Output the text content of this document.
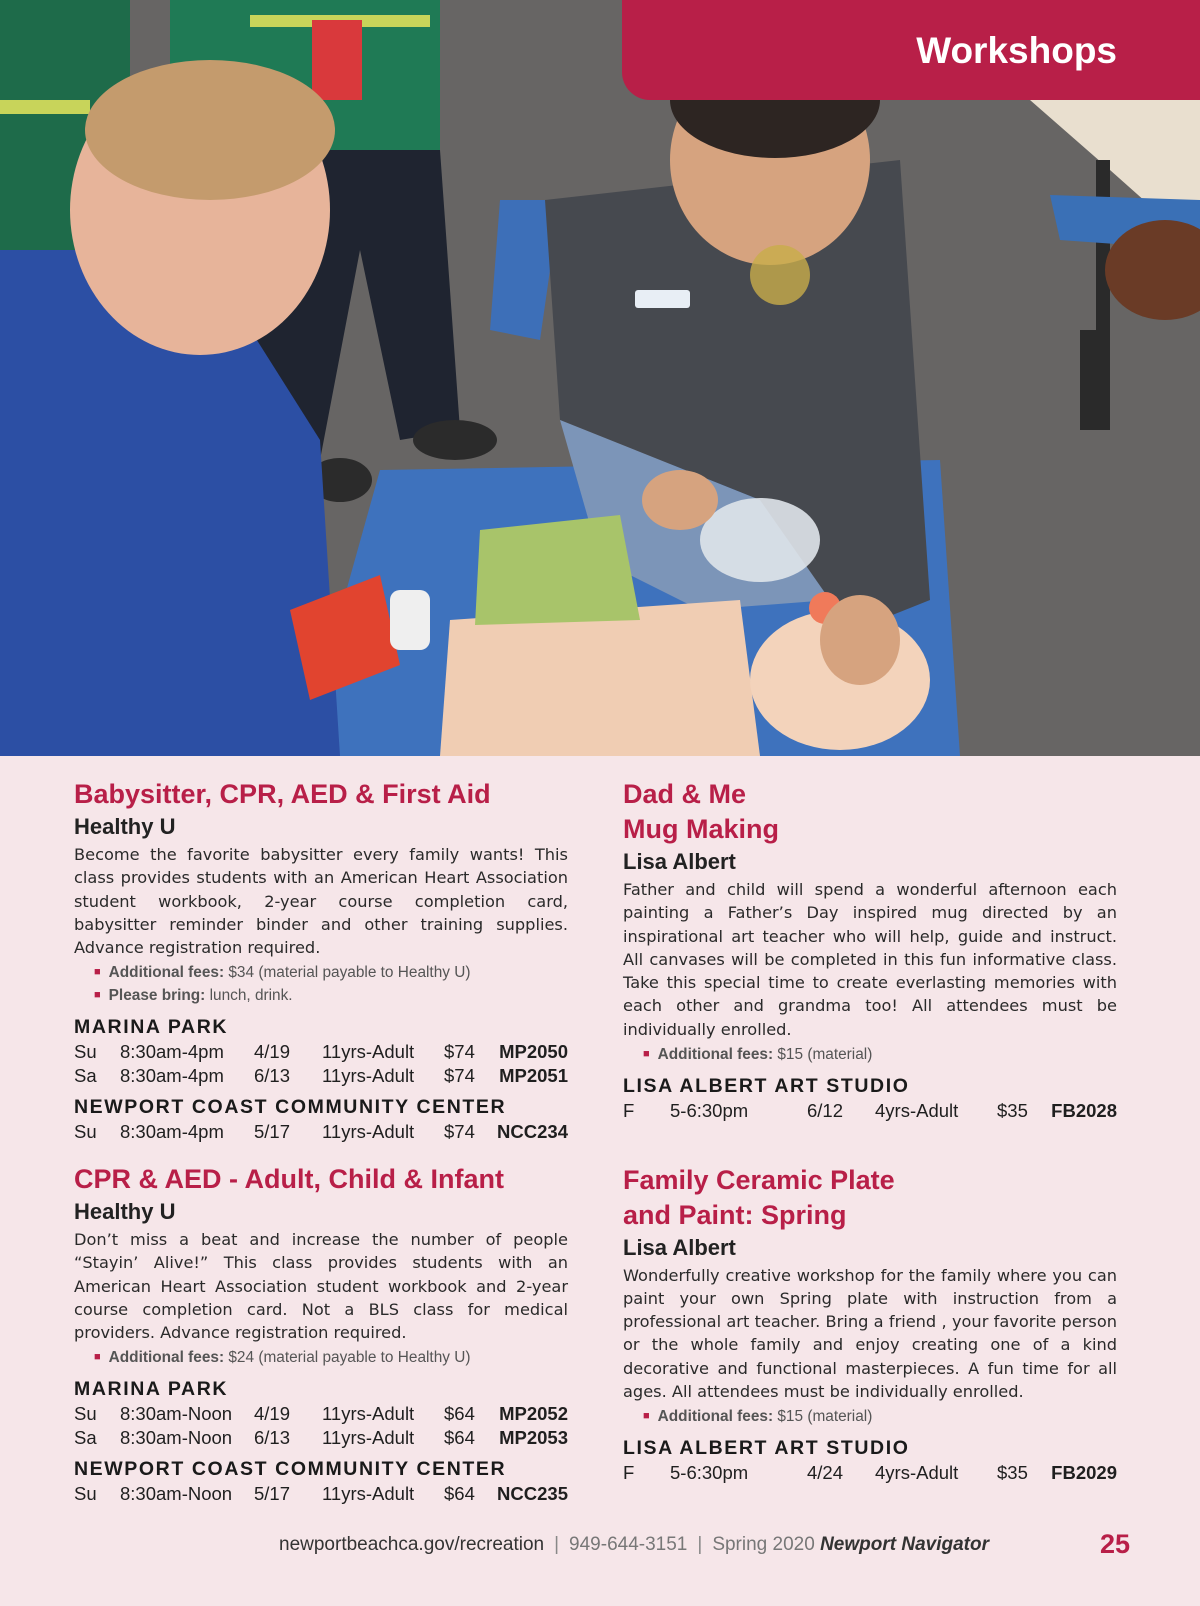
Workshops
Babysitter, CPR, AED & First Aid
Healthy U

Become the favorite babysitter every family wants! This class provides students with an American Heart Association student workbook, 2-year course completion card, babysitter reminder binder and other training supplies. Advance registration required.

■ Additional fees: $34 (material payable to Healthy U)
■ Please bring: lunch, drink.
MARINA PARK
Su	8:30am-4pm	4/19	11yrs-Adult	$74	MP2050
Sa	8:30am-4pm	6/13	11yrs-Adult	$74	MP2051
NEWPORT COAST COMMUNITY CENTER
Su	8:30am-4pm	5/17	11yrs-Adult	$74	NCC234
CPR & AED - Adult, Child & Infant
Healthy U

Don’t miss a beat and increase the number of people “Stayin’ Alive!” This class provides students with an American Heart Association student workbook and 2-year course completion card. Not a BLS class for medical providers. Advance registration required.

■ Additional fees: $24 (material payable to Healthy U)
MARINA PARK
Su	8:30am-Noon	4/19	11yrs-Adult	$64	MP2052
Sa	8:30am-Noon	6/13	11yrs-Adult	$64	MP2053
NEWPORT COAST COMMUNITY CENTER
Su	8:30am-Noon	5/17	11yrs-Adult	$64	NCC235
Dad & Me
Mug Making
Lisa Albert

Father and child will spend a wonderful afternoon each painting a Father’s Day inspired mug directed by an inspirational art teacher who will help, guide and instruct. All canvases will be completed in this fun informative class. Take this special time to create everlasting memories with each other and grandma too! All attendees must be individually enrolled.

■ Additional fees: $15 (material)
LISA ALBERT ART STUDIO
F	5-6:30pm	6/12	4yrs-Adult	$35	FB2028
Family Ceramic Plate
and Paint: Spring
Lisa Albert

Wonderfully creative workshop for the family where you can paint your own Spring plate with instruction from a professional art teacher. Bring a friend , your favorite person or the whole family and enjoy creating one of a kind decorative and functional masterpieces. A fun time for all ages. All attendees must be individually enrolled.

■ Additional fees: $15 (material)
LISA ALBERT ART STUDIO
F	5-6:30pm	4/24	4yrs-Adult	$35	FB2029
newportbeachca.gov/recreation | 949-644-3151 | Spring 2020 Newport Navigator	25
